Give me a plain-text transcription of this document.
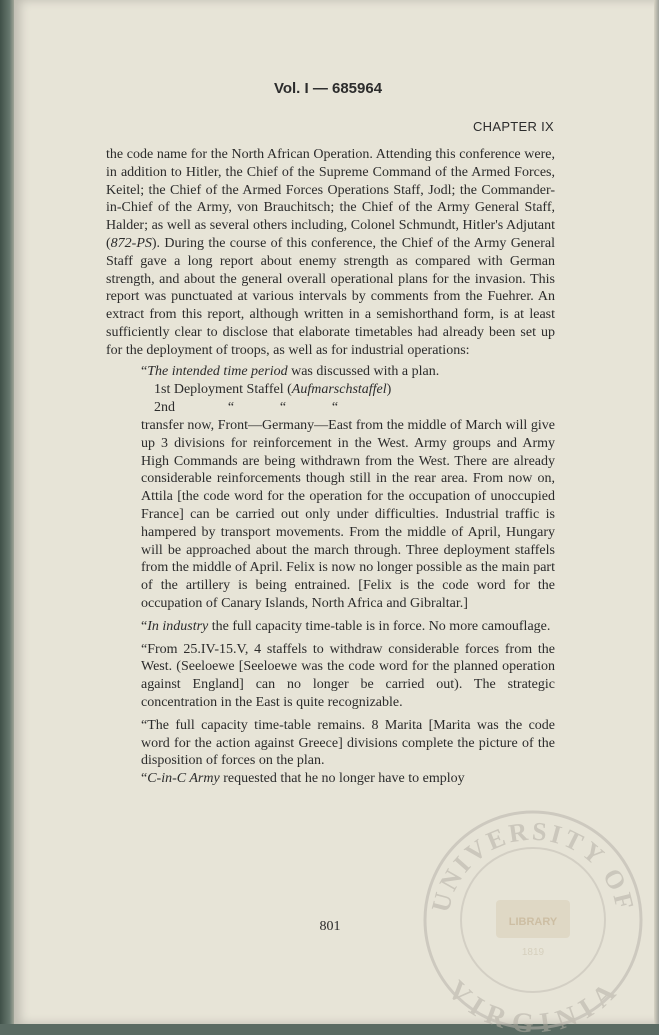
Vol. I — 685964
CHAPTER IX

the code name for the North African Operation. Attending this conference were, in addition to Hitler, the Chief of the Supreme Command of the Armed Forces, Keitel; the Chief of the Armed Forces Operations Staff, Jodl; the Commander-in-Chief of the Army, von Brauchitsch; the Chief of the Army General Staff, Halder; as well as several others including, Colonel Schmundt, Hitler's Adjutant (872-PS). During the course of this conference, the Chief of the Army General Staff gave a long report about enemy strength as compared with German strength, and about the general overall operational plans for the invasion. This report was punctuated at various intervals by comments from the Fuehrer. An extract from this report, although written in a semishorthand form, is at least sufficiently clear to disclose that elaborate timetables had already been set up for the deployment of troops, as well as for industrial operations:

“The intended time period was discussed with a plan.

1st Deployment Staffel (Aufmarschstaffel)

2nd	“	“	“

transfer now, Front—Germany—East from the middle of March will give up 3 divisions for reinforcement in the West. Army groups and Army High Commands are being withdrawn from the West. There are already considerable reinforcements though still in the rear area. From now on, Attila [the code word for the operation for the occupation of unoccupied France] can be carried out only under difficulties. Industrial traffic is hampered by transport movements. From the middle of April, Hungary will be approached about the march through. Three deployment staffels from the middle of April. Felix is now no longer possible as the main part of the artillery is being entrained. [Felix is the code word for the occupation of Canary Islands, North Africa and Gibraltar.]

“In industry the full capacity time-table is in force. No more camouflage.

“From 25.IV-15.V, 4 staffels to withdraw considerable forces from the West. (Seeloewe [Seeloewe was the code word for the planned operation against England] can no longer be carried out). The strategic concentration in the East is quite recognizable.

“The full capacity time-table remains. 8 Marita [Marita was the code word for the action against Greece] divisions complete the picture of the disposition of forces on the plan.

“C-in-C Army requested that he no longer have to employ

801
UNIVERSITY OF
VIRGINIA
LIBRARY
1819
